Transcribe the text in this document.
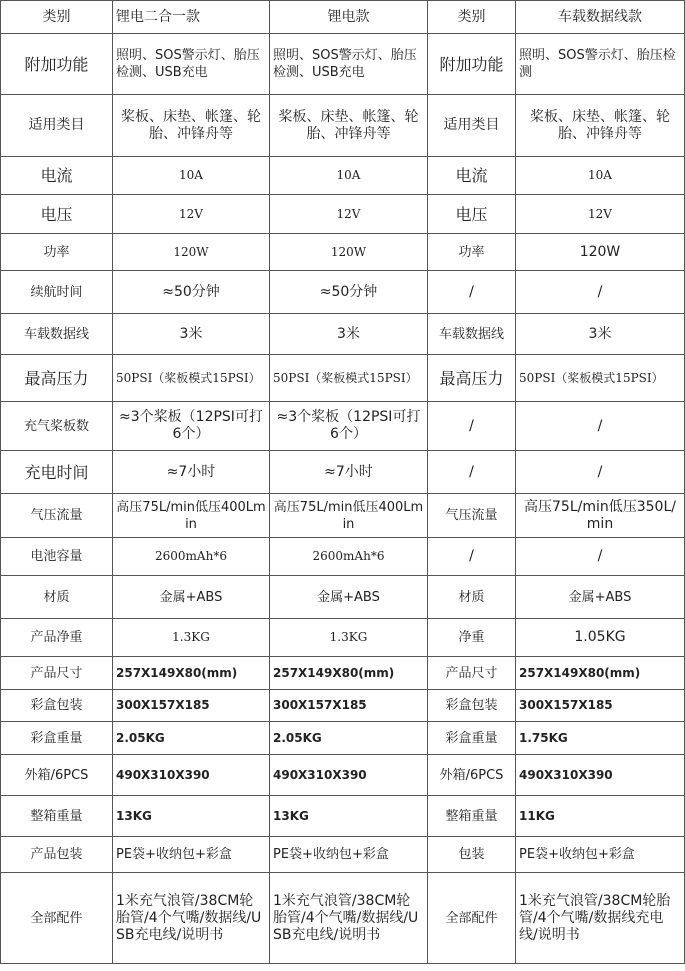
类别	锂电二合一款	锂电款	类别	车载数据线款
附加功能	照明、SOS警示灯、胎压检测、USB充电	照明、SOS警示灯、胎压检测、USB充电	附加功能	照明、SOS警示灯、胎压检测
适用类目	桨板、床垫、帐篷、轮胎、冲锋舟等	桨板、床垫、帐篷、轮胎、冲锋舟等	适用类目	桨板、床垫、帐篷、轮胎、冲锋舟等
电流	10A	10A	电流	10A
电压	12V	12V	电压	12V
功率	120W	120W	功率	120W
续航时间	≈50分钟	≈50分钟	/	/
车载数据线	3米	3米	车载数据线	3米
最高压力	50PSI（桨板模式15PSI）	50PSI（桨板模式15PSI）	最高压力	50PSI（桨板模式15PSI）
充气桨板数	≈3个桨板（12PSI可打6个）	≈3个桨板（12PSI可打6个）	/	/
充电时间	≈7小时	≈7小时	/	/
气压流量	高压75L/min低压400Lmin	高压75L/min低压400Lmin	气压流量	高压75L/min低压350L/min
电池容量	2600mAh*6	2600mAh*6	/	/
材质	金属+ABS	金属+ABS	材质	金属+ABS
产品净重	1.3KG	1.3KG	净重	1.05KG
产品尺寸	257X149X80(mm)	257X149X80(mm)	产品尺寸	257X149X80(mm)
彩盒包装	300X157X185	300X157X185	彩盒包装	300X157X185
彩盒重量	2.05KG	2.05KG	彩盒重量	1.75KG
外箱/6PCS	490X310X390	490X310X390	外箱/6PCS	490X310X390
整箱重量	13KG	13KG	整箱重量	11KG
产品包装	PE袋+收纳包+彩盒	PE袋+收纳包+彩盒	包装	PE袋+收纳包+彩盒
全部配件	1米充气浪管/38CM轮胎管/4个气嘴/数据线/USB充电线/说明书	1米充气浪管/38CM轮胎管/4个气嘴/数据线/USB充电线/说明书	全部配件	1米充气浪管/38CM轮胎管/4个气嘴/数据线充电线/说明书
